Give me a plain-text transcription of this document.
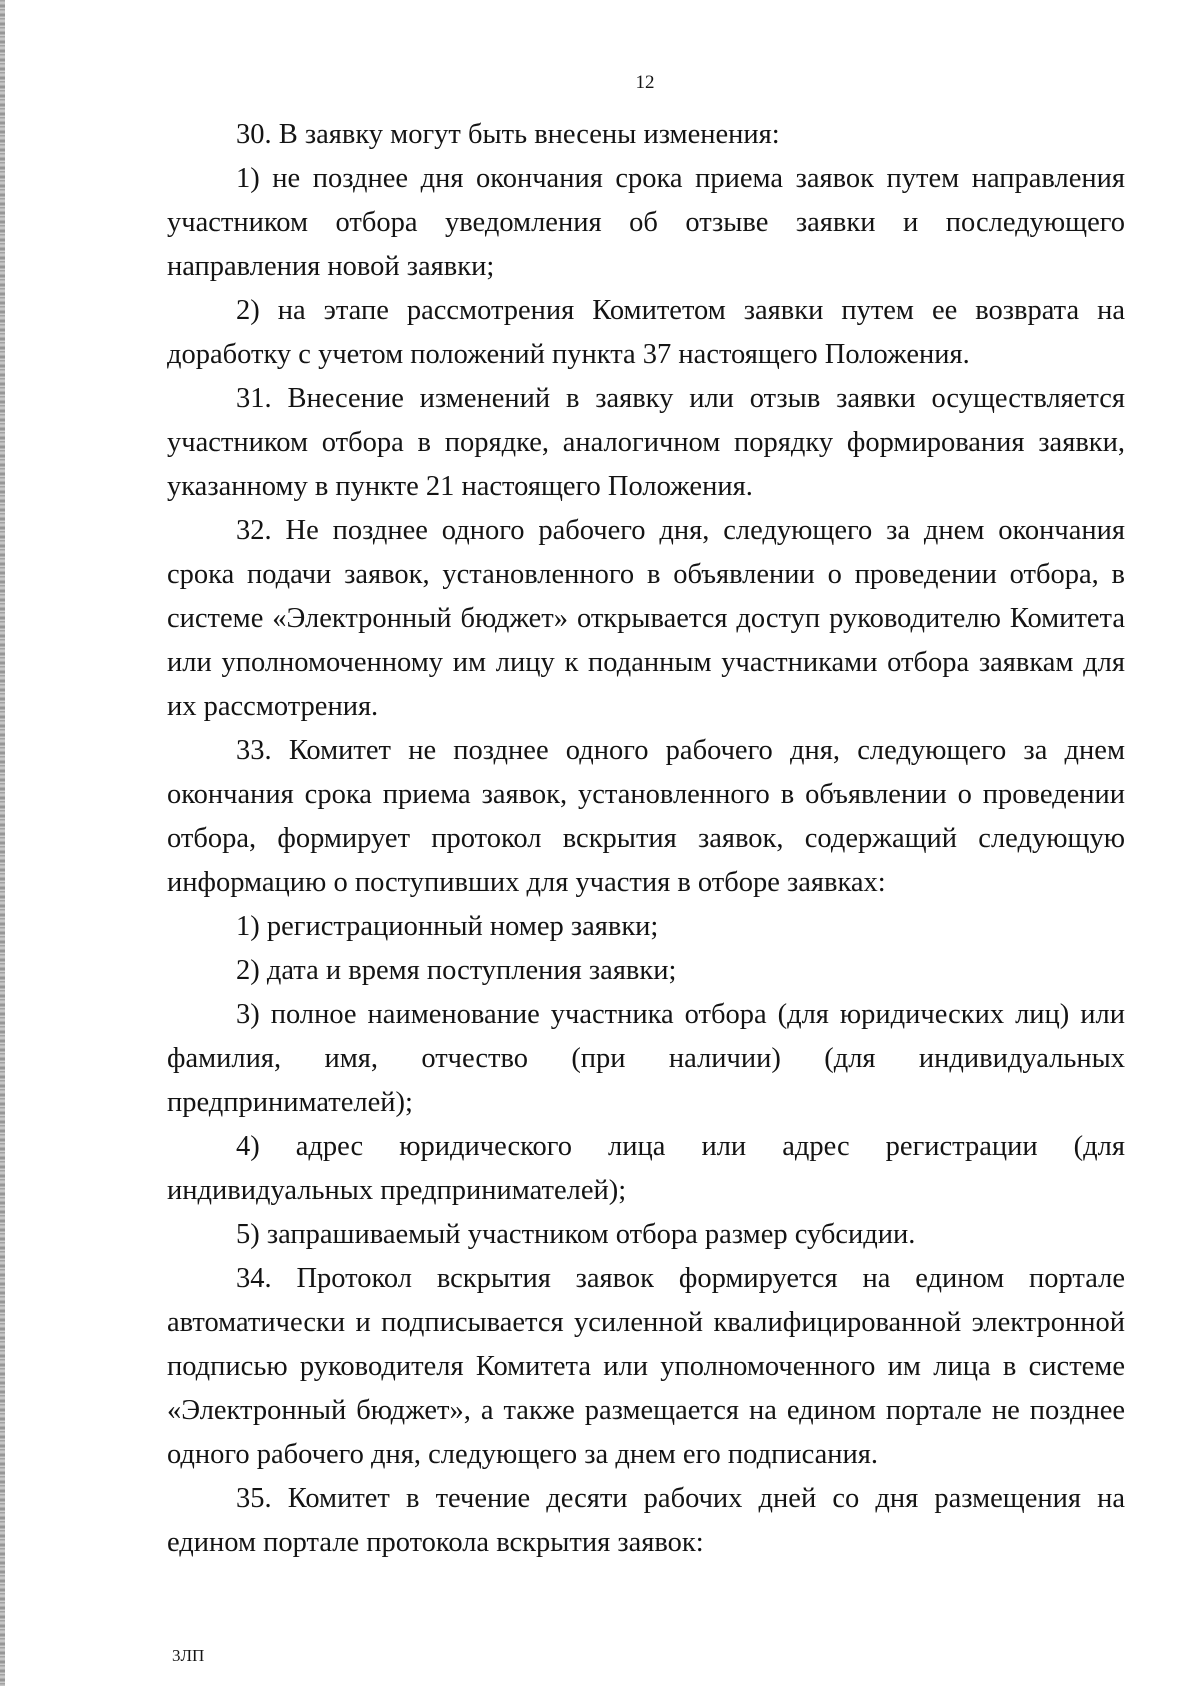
12

30. В заявку могут быть внесены изменения:

1) не позднее дня окончания срока приема заявок путем направления участником отбора уведомления об отзыве заявки и последующего направления новой заявки;

2) на этапе рассмотрения Комитетом заявки путем ее возврата на доработку с учетом положений пункта 37 настоящего Положения.

31. Внесение изменений в заявку или отзыв заявки осуществляется участником отбора в порядке, аналогичном порядку формирования заявки, указанному в пункте 21 настоящего Положения.

32. Не позднее одного рабочего дня, следующего за днем окончания срока подачи заявок, установленного в объявлении о проведении отбора, в системе «Электронный бюджет» открывается доступ руководителю Комитета или уполномоченному им лицу к поданным участниками отбора заявкам для их рассмотрения.

33. Комитет не позднее одного рабочего дня, следующего за днем окончания срока приема заявок, установленного в объявлении о проведении отбора, формирует протокол вскрытия заявок, содержащий следующую информацию о поступивших для участия в отборе заявках:

1) регистрационный номер заявки;

2) дата и время поступления заявки;

3) полное наименование участника отбора (для юридических лиц) или фамилия, имя, отчество (при наличии) (для индивидуальных предпринимателей);

4) адрес юридического лица или адрес регистрации (для индивидуальных предпринимателей);

5) запрашиваемый участником отбора размер субсидии.

34. Протокол вскрытия заявок формируется на едином портале автоматически и подписывается усиленной квалифицированной электронной подписью руководителя Комитета или уполномоченного им лица в системе «Электронный бюджет», а также размещается на едином портале не позднее одного рабочего дня, следующего за днем его подписания.

35. Комитет в течение десяти рабочих дней со дня размещения на едином портале протокола вскрытия заявок:

3ЛП
